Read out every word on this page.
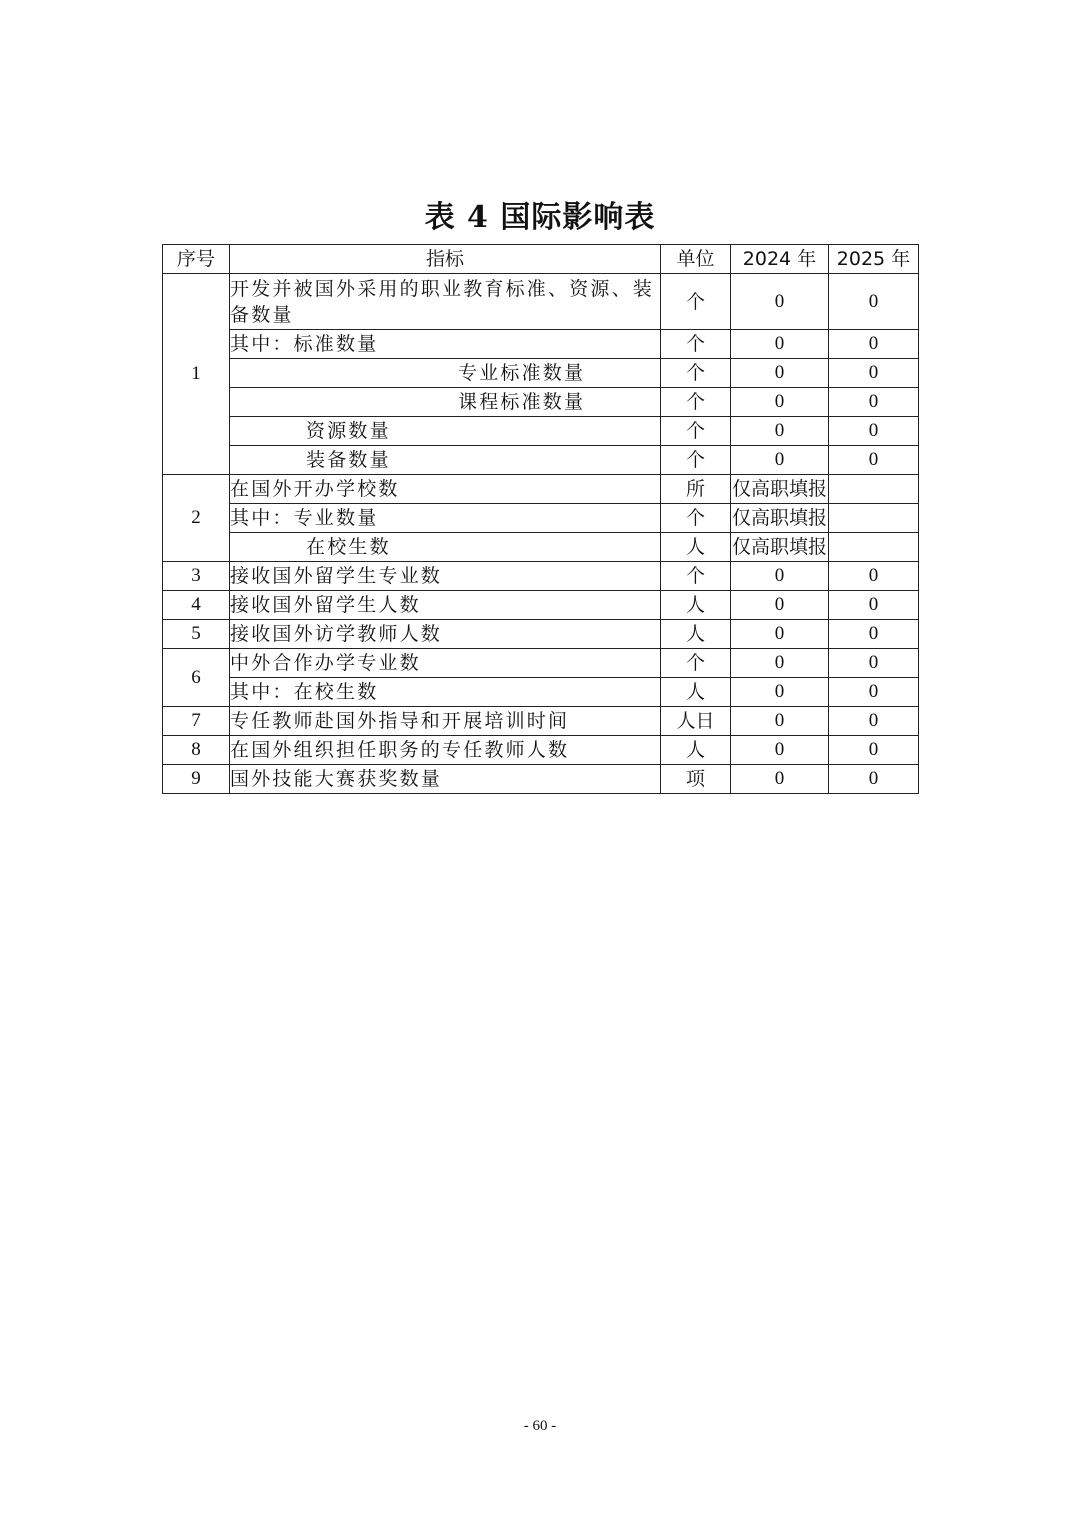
表 4 国际影响表
序号	指标	单位	2024 年	2025 年
1	开发并被国外采用的职业教育标准、资源、装备数量	个	0	0
	其中：标准数量	个	0	0
	专业标准数量	个	0	0
	课程标准数量	个	0	0
	资源数量	个	0	0
	装备数量	个	0	0
2	在国外开办学校数	所	仅高职填报	
	其中：专业数量	个	仅高职填报	
	在校生数	人	仅高职填报	
3	接收国外留学生专业数	个	0	0
4	接收国外留学生人数	人	0	0
5	接收国外访学教师人数	人	0	0
6	中外合作办学专业数	个	0	0
	其中：在校生数	人	0	0
7	专任教师赴国外指导和开展培训时间	人日	0	0
8	在国外组织担任职务的专任教师人数	人	0	0
9	国外技能大赛获奖数量	项	0	0
- 60 -
